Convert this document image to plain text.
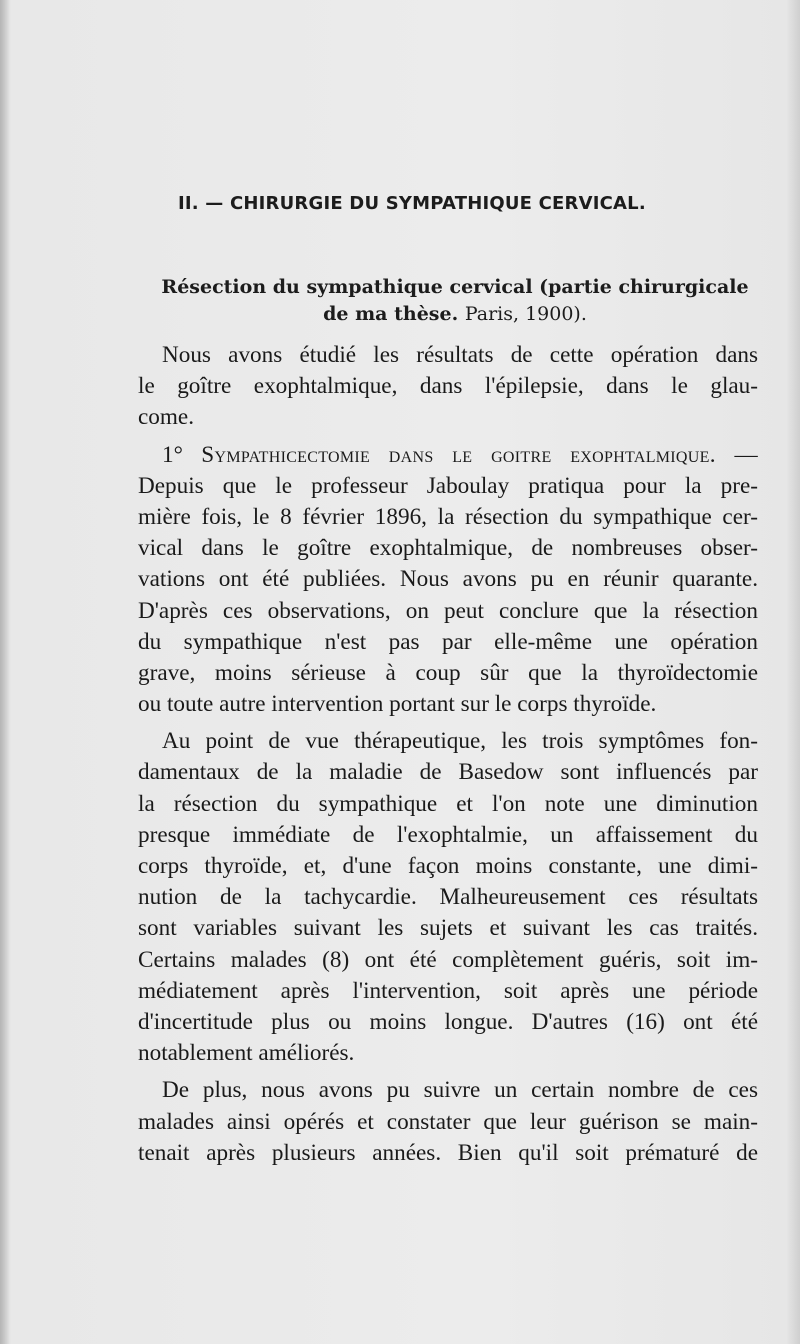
II. — CHIRURGIE DU SYMPATHIQUE CERVICAL.
Résection du sympathique cervical (partie chirurgicale
de ma thèse. Paris, 1900).
Nous avons étudié les résultats de cette opération dans
le goître exophtalmique, dans l'épilepsie, dans le glau-
come.
1° Sympathicectomie dans le goitre exophtalmique. —
Depuis que le professeur Jaboulay pratiqua pour la pre-
mière fois, le 8 février 1896, la résection du sympathique cer-
vical dans le goître exophtalmique, de nombreuses obser-
vations ont été publiées. Nous avons pu en réunir quarante.
D'après ces observations, on peut conclure que la résection
du sympathique n'est pas par elle-même une opération
grave, moins sérieuse à coup sûr que la thyroïdectomie
ou toute autre intervention portant sur le corps thyroïde.
Au point de vue thérapeutique, les trois symptômes fon-
damentaux de la maladie de Basedow sont influencés par
la résection du sympathique et l'on note une diminution
presque immédiate de l'exophtalmie, un affaissement du
corps thyroïde, et, d'une façon moins constante, une dimi-
nution de la tachycardie. Malheureusement ces résultats
sont variables suivant les sujets et suivant les cas traités.
Certains malades (8) ont été complètement guéris, soit im-
médiatement après l'intervention, soit après une période
d'incertitude plus ou moins longue. D'autres (16) ont été
notablement améliorés.
De plus, nous avons pu suivre un certain nombre de ces
malades ainsi opérés et constater que leur guérison se main-
tenait après plusieurs années. Bien qu'il soit prématuré de
